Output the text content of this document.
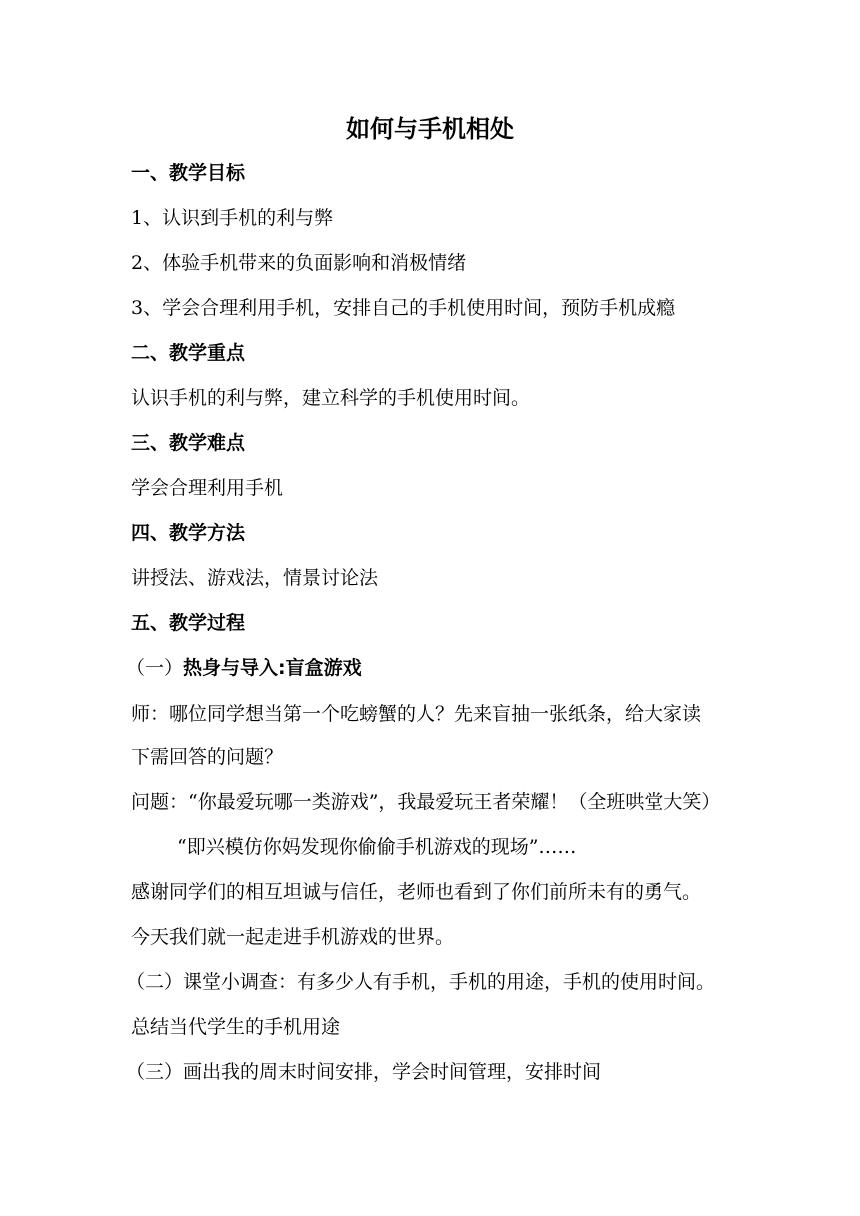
如何与手机相处
一、教学目标
1、认识到手机的利与弊
2、体验手机带来的负面影响和消极情绪
3、学会合理利用手机，安排自己的手机使用时间，预防手机成瘾
二、教学重点
认识手机的利与弊，建立科学的手机使用时间。
三、教学难点
学会合理利用手机
四、教学方法
讲授法、游戏法，情景讨论法
五、教学过程
（一）热身与导入:盲盒游戏
师：哪位同学想当第一个吃螃蟹的人？先来盲抽一张纸条，给大家读
下需回答的问题？
问题：“你最爱玩哪一类游戏”，我最爱玩王者荣耀！（全班哄堂大笑）
“即兴模仿你妈发现你偷偷手机游戏的现场”……
感谢同学们的相互坦诚与信任，老师也看到了你们前所未有的勇气。
今天我们就一起走进手机游戏的世界。
（二）课堂小调查：有多少人有手机，手机的用途，手机的使用时间。
总结当代学生的手机用途
（三）画出我的周末时间安排，学会时间管理，安排时间
